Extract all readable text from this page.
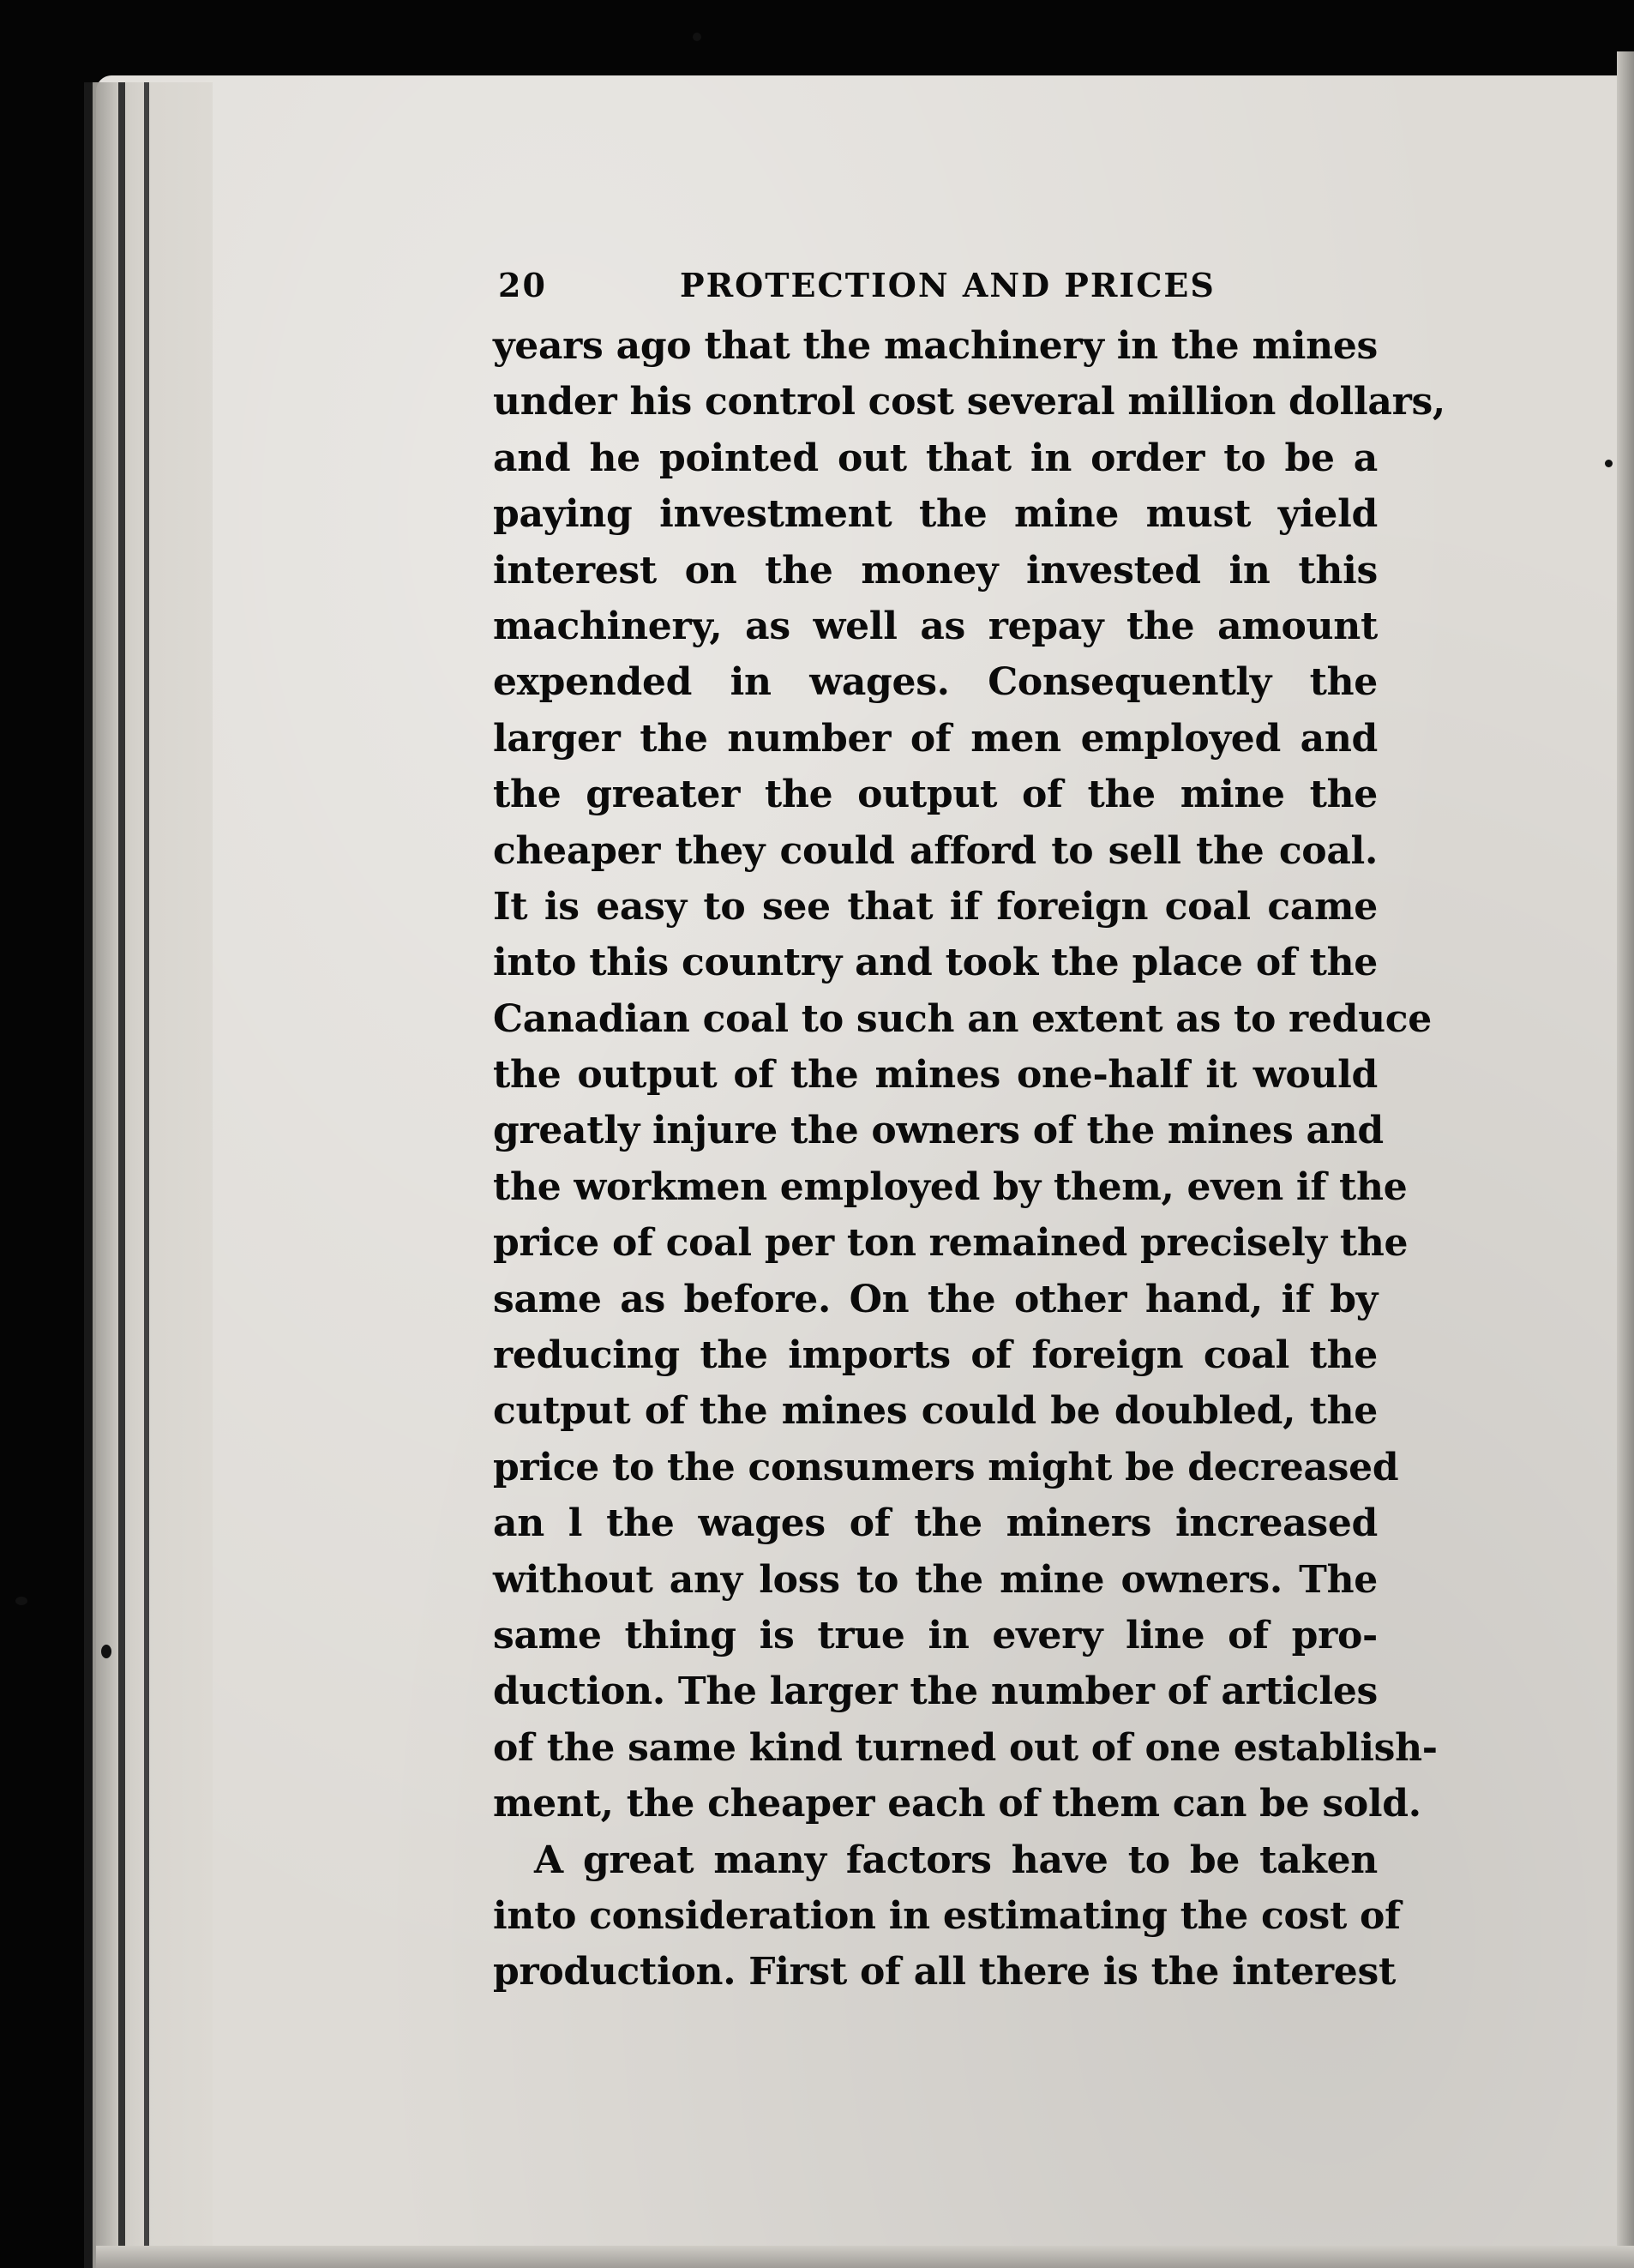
20	PROTECTION AND PRICES
years ago that the machinery in the mines
under his control cost several million dollars,
and he pointed out that in order to be a
paying investment the mine must yield
interest on the money invested in this
machinery, as well as repay the amount
expended in wages. Consequently the
larger the number of men employed and
the greater the output of the mine the
cheaper they could afford to sell the coal.
It is easy to see that if foreign coal came
into this country and took the place of the
Canadian coal to such an extent as to reduce
the output of the mines one-half it would
greatly injure the owners of the mines and
the workmen employed by them, even if the
price of coal per ton remained precisely the
same as before. On the other hand, if by
reducing the imports of foreign coal the
cutput of the mines could be doubled, the
price to the consumers might be decreased
an l the wages of the miners increased
without any loss to the mine owners. The
same thing is true in every line of pro-
duction. The larger the number of articles
of the same kind turned out of one establish-
ment, the cheaper each of them can be sold.
A great many factors have to be taken
into consideration in estimating the cost of
production. First of all there is the interest
